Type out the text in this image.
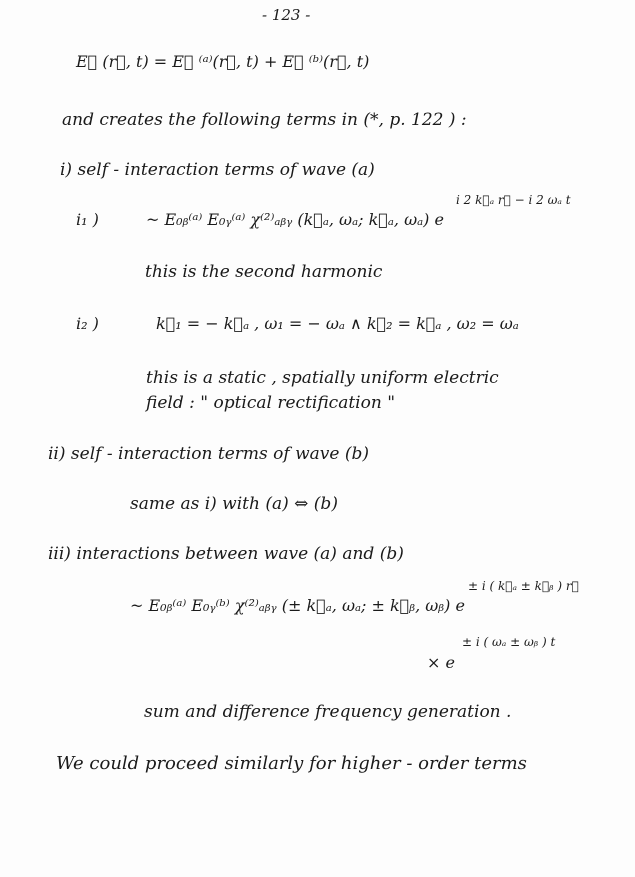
- 123 -
E⃗ (r⃗, t) = E⃗ ⁽ᵃ⁾(r⃗, t) + E⃗ ⁽ᵇ⁾(r⃗, t)
and creates the following terms in (*, p. 122 ) :
i) self - interaction terms of wave (a)
i₁ )	~ E₀ᵦ⁽ᵃ⁾ E₀ᵧ⁽ᵃ⁾ χ⁽²⁾ₐᵦᵧ (k⃗ₐ, ωₐ; k⃗ₐ, ωₐ) e
i 2 k⃗ₐ r⃗ − i 2 ωₐ t
this is the second harmonic
i₂ )	k⃗₁ = − k⃗ₐ , ω₁ = − ωₐ ∧ k⃗₂ = k⃗ₐ , ω₂ = ωₐ
this is a static , spatially uniform electric
field : " optical rectification "
ii) self - interaction terms of wave (b)
same as i) with (a) ⇔ (b)
iii) interactions between wave (a) and (b)
~ E₀ᵦ⁽ᵃ⁾ E₀ᵧ⁽ᵇ⁾ χ⁽²⁾ₐᵦᵧ (± k⃗ₐ, ωₐ; ± k⃗ᵦ, ωᵦ) e
± i ( k⃗ₐ ± k⃗ᵦ ) r⃗
× e
± i ( ωₐ ± ωᵦ ) t
sum and difference frequency generation .
We could proceed similarly for higher - order terms
